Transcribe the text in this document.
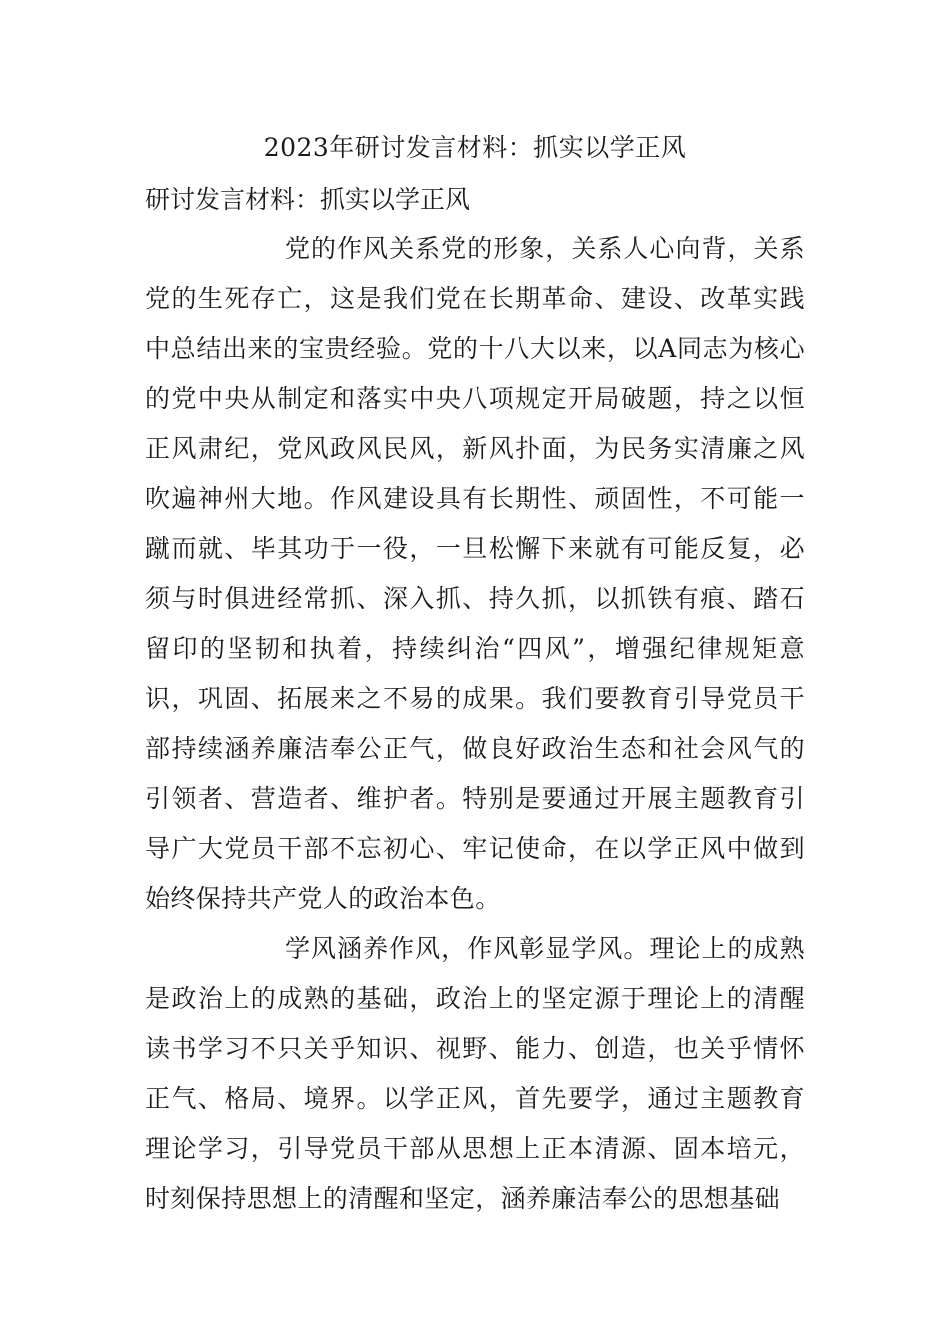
2023年研讨发言材料：抓实以学正风
研讨发言材料：抓实以学正风

党的作风关系党的形象，关系人心向背，关系党的生死存亡，这是我们党在长期革命、建设、改革实践中总结出来的宝贵经验。党的十八大以来，以A同志为核心的党中央从制定和落实中央八项规定开局破题，持之以恒正风肃纪，党风政风民风，新风扑面，为民务实清廉之风吹遍神州大地。作风建设具有长期性、顽固性，不可能一蹴而就、毕其功于一役，一旦松懈下来就有可能反复，必须与时俱进经常抓、深入抓、持久抓，以抓铁有痕、踏石留印的坚韧和执着，持续纠治“四风”，增强纪律规矩意识，巩固、拓展来之不易的成果。我们要教育引导党员干部持续涵养廉洁奉公正气，做良好政治生态和社会风气的引领者、营造者、维护者。特别是要通过开展主题教育引导广大党员干部不忘初心、牢记使命，在以学正风中做到始终保持共产党人的政治本色。

学风涵养作风，作风彰显学风。理论上的成熟是政治上的成熟的基础，政治上的坚定源于理论上的清醒读书学习不只关乎知识、视野、能力、创造，也关乎情怀正气、格局、境界。以学正风，首先要学，通过主题教育理论学习，引导党员干部从思想上正本清源、固本培元，时刻保持思想上的清醒和坚定，涵养廉洁奉公的思想基础
